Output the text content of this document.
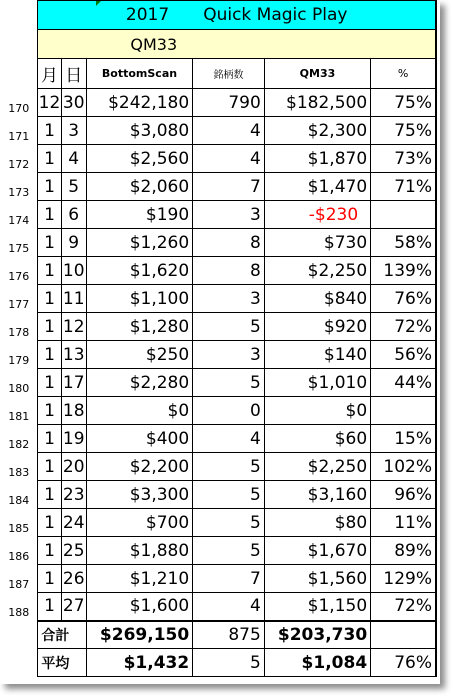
	2017 Quick Magic Play					
	QM33					
	月	日	BottomScan	銘柄数	QM33	%
170	12	30	$242,180	790	$182,500	75%
171	1	3	$3,080	4	$2,300	75%
172	1	4	$2,560	4	$1,870	73%
173	1	5	$2,060	7	$1,470	71%
174	1	6	$190	3	-$230	
175	1	9	$1,260	8	$730	58%
176	1	10	$1,620	8	$2,250	139%
177	1	11	$1,100	3	$840	76%
178	1	12	$1,280	5	$920	72%
179	1	13	$250	3	$140	56%
180	1	17	$2,280	5	$1,010	44%
181	1	18	$0	0	$0	
182	1	19	$400	4	$60	15%
183	1	20	$2,200	5	$2,250	102%
184	1	23	$3,300	5	$3,160	96%
185	1	24	$700	5	$80	11%
186	1	25	$1,880	5	$1,670	89%
187	1	26	$1,210	7	$1,560	129%
188	1	27	$1,600	4	$1,150	72%
	合計		$269,150	875	$203,730	
	平均		$1,432	5	$1,084	76%
